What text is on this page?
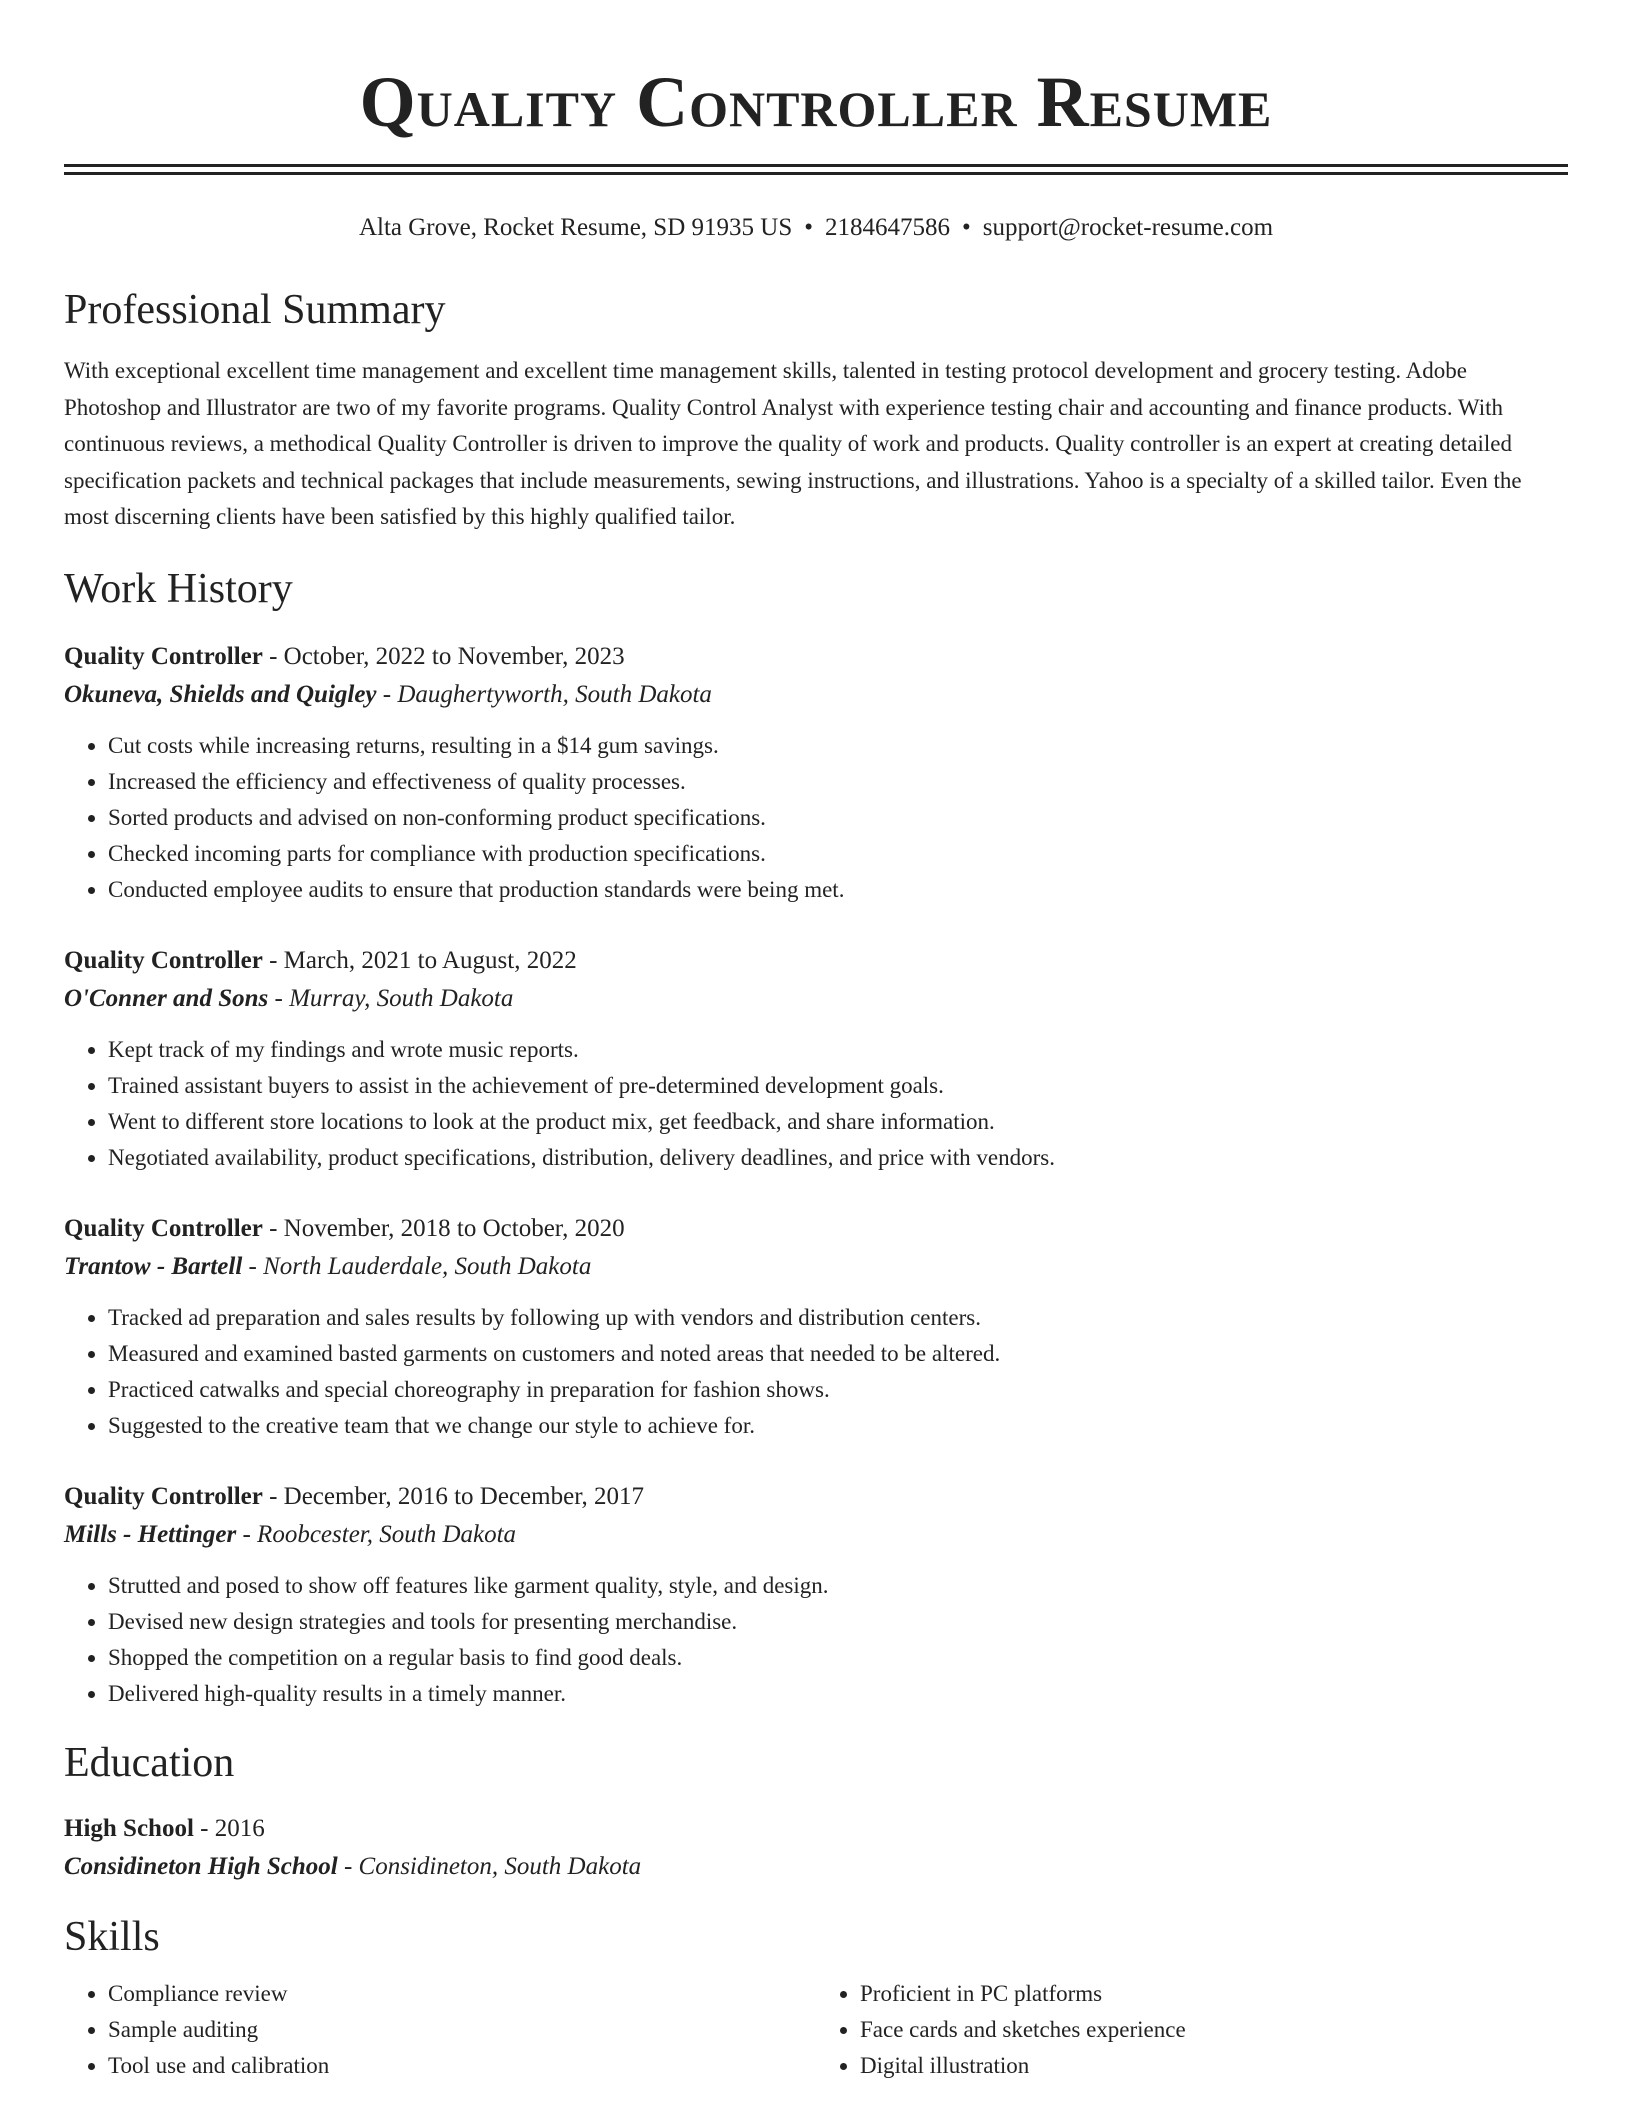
Quality Controller Resume
Alta Grove, Rocket Resume, SD 91935 US • 2184647586 • support@rocket-resume.com
Professional Summary
With exceptional excellent time management and excellent time management skills, talented in testing protocol development and grocery testing. Adobe Photoshop and Illustrator are two of my favorite programs. Quality Control Analyst with experience testing chair and accounting and finance products. With continuous reviews, a methodical Quality Controller is driven to improve the quality of work and products. Quality controller is an expert at creating detailed specification packets and technical packages that include measurements, sewing instructions, and illustrations. Yahoo is a specialty of a skilled tailor. Even the most discerning clients have been satisfied by this highly qualified tailor.
Work History
Quality Controller - October, 2022 to November, 2023
Okuneva, Shields and Quigley - Daughertyworth, South Dakota
• Cut costs while increasing returns, resulting in a $14 gum savings.
• Increased the efficiency and effectiveness of quality processes.
• Sorted products and advised on non-conforming product specifications.
• Checked incoming parts for compliance with production specifications.
• Conducted employee audits to ensure that production standards were being met.
Quality Controller - March, 2021 to August, 2022
O'Conner and Sons - Murray, South Dakota
• Kept track of my findings and wrote music reports.
• Trained assistant buyers to assist in the achievement of pre-determined development goals.
• Went to different store locations to look at the product mix, get feedback, and share information.
• Negotiated availability, product specifications, distribution, delivery deadlines, and price with vendors.
Quality Controller - November, 2018 to October, 2020
Trantow - Bartell - North Lauderdale, South Dakota
• Tracked ad preparation and sales results by following up with vendors and distribution centers.
• Measured and examined basted garments on customers and noted areas that needed to be altered.
• Practiced catwalks and special choreography in preparation for fashion shows.
• Suggested to the creative team that we change our style to achieve for.
Quality Controller - December, 2016 to December, 2017
Mills - Hettinger - Roobcester, South Dakota
• Strutted and posed to show off features like garment quality, style, and design.
• Devised new design strategies and tools for presenting merchandise.
• Shopped the competition on a regular basis to find good deals.
• Delivered high-quality results in a timely manner.
Education
High School - 2016
Considineton High School - Considineton, South Dakota
Skills
• Compliance review
• Sample auditing
• Tool use and calibration
• Proficient in PC platforms
• Face cards and sketches experience
• Digital illustration
